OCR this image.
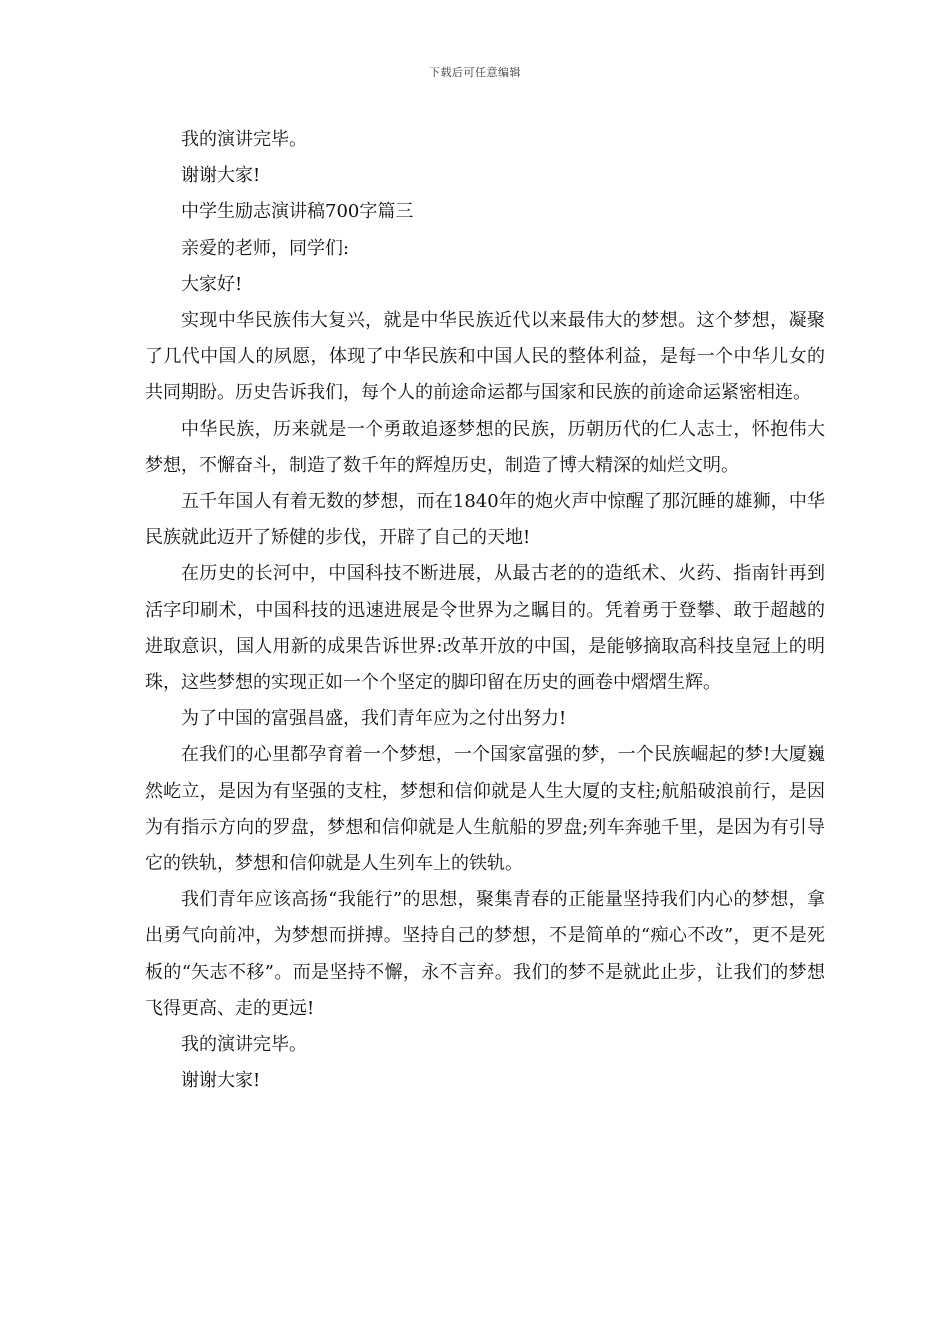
下载后可任意编辑

我的演讲完毕。

谢谢大家!

中学生励志演讲稿700字篇三

亲爱的老师，同学们:

大家好!

实现中华民族伟大复兴，就是中华民族近代以来最伟大的梦想。这个梦想，凝聚了几代中国人的夙愿，体现了中华民族和中国人民的整体利益，是每一个中华儿女的共同期盼。历史告诉我们，每个人的前途命运都与国家和民族的前途命运紧密相连。

中华民族，历来就是一个勇敢追逐梦想的民族，历朝历代的仁人志士，怀抱伟大梦想，不懈奋斗，制造了数千年的辉煌历史，制造了博大精深的灿烂文明。

五千年国人有着无数的梦想，而在1840年的炮火声中惊醒了那沉睡的雄狮，中华民族就此迈开了矫健的步伐，开辟了自己的天地!

在历史的长河中，中国科技不断进展，从最古老的的造纸术、火药、指南针再到活字印刷术，中国科技的迅速进展是令世界为之瞩目的。凭着勇于登攀、敢于超越的进取意识，国人用新的成果告诉世界:改革开放的中国，是能够摘取高科技皇冠上的明珠，这些梦想的实现正如一个个坚定的脚印留在历史的画卷中熠熠生辉。

为了中国的富强昌盛，我们青年应为之付出努力!

在我们的心里都孕育着一个梦想，一个国家富强的梦，一个民族崛起的梦!大厦巍然屹立，是因为有坚强的支柱，梦想和信仰就是人生大厦的支柱;航船破浪前行，是因为有指示方向的罗盘，梦想和信仰就是人生航船的罗盘;列车奔驰千里，是因为有引导它的铁轨，梦想和信仰就是人生列车上的铁轨。

我们青年应该高扬“我能行”的思想，聚集青春的正能量坚持我们内心的梦想，拿出勇气向前冲，为梦想而拼搏。坚持自己的梦想，不是简单的“痴心不改”，更不是死板的“矢志不移”。而是坚持不懈，永不言弃。我们的梦不是就此止步，让我们的梦想飞得更高、走的更远!

我的演讲完毕。

谢谢大家!
